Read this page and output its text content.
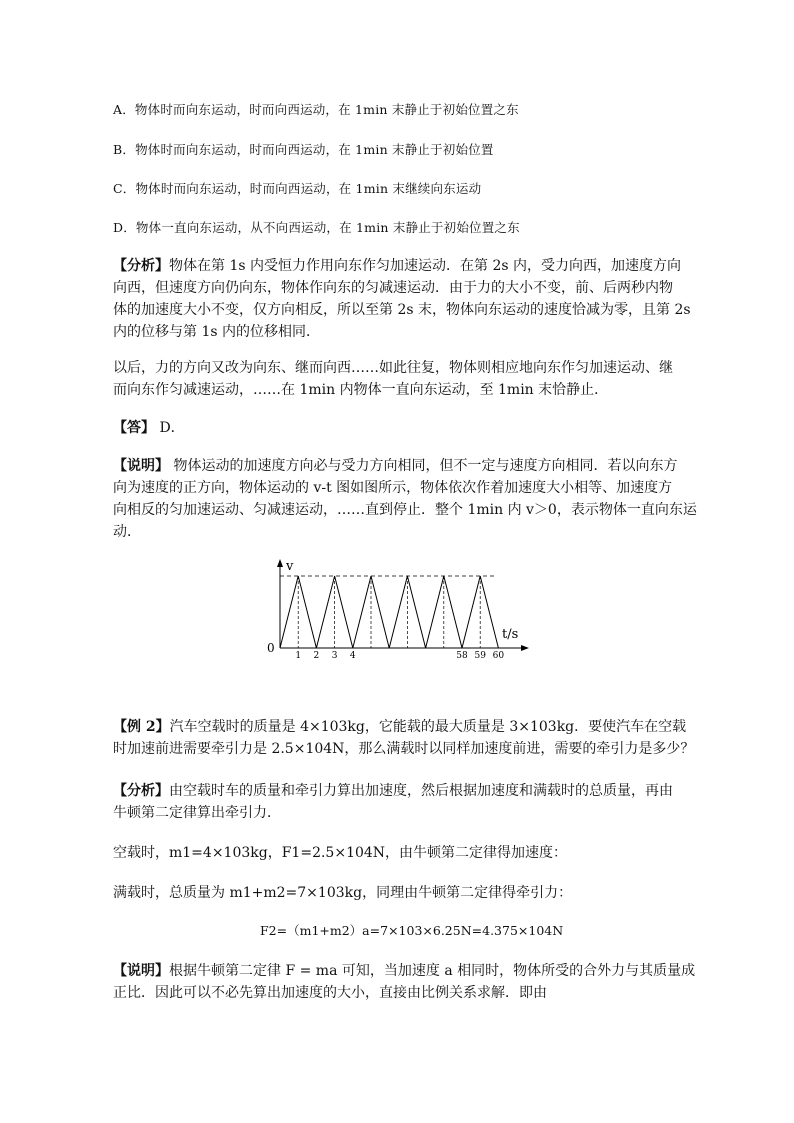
A．物体时而向东运动，时而向西运动，在 1min 末静止于初始位置之东
B．物体时而向东运动，时而向西运动，在 1min 末静止于初始位置
C．物体时而向东运动，时而向西运动，在 1min 末继续向东运动
D．物体一直向东运动，从不向西运动，在 1min 末静止于初始位置之东
【分析】物体在第 1s 内受恒力作用向东作匀加速运动．在第 2s 内，受力向西，加速度方向
向西，但速度方向仍向东，物体作向东的匀减速运动．由于力的大小不变，前、后两秒内物
体的加速度大小不变，仅方向相反，所以至第 2s 末，物体向东运动的速度恰减为零，且第 2s
内的位移与第 1s 内的位移相同．
以后，力的方向又改为向东、继而向西……如此往复，物体则相应地向东作匀加速运动、继
而向东作匀减速运动，……在 1min 内物体一直向东运动，至 1min 末恰静止．
【答】 D．
【说明】 物体运动的加速度方向必与受力方向相同，但不一定与速度方向相同．若以向东方
向为速度的正方向，物体运动的 v-t 图如图所示，物体依次作着加速度大小相等、加速度方
向相反的匀加速运动、匀减速运动，……直到停止．整个 1min 内 v＞0，表示物体一直向东运
动．
v
t/s
0
1 2 3 4	58 59 60
【例 2】汽车空载时的质量是 4×103kg，它能载的最大质量是 3×103kg．要使汽车在空载
时加速前进需要牵引力是 2.5×104N，那么满载时以同样加速度前进，需要的牵引力是多少？
【分析】由空载时车的质量和牵引力算出加速度，然后根据加速度和满载时的总质量，再由
牛顿第二定律算出牵引力．
空载时，m1=4×103kg，F1=2.5×104N，由牛顿第二定律得加速度：
满载时，总质量为 m1+m2=7×103kg，同理由牛顿第二定律得牵引力：
F2=（m1+m2）a=7×103×6.25N=4.375×104N
【说明】根据牛顿第二定律 F = ma 可知，当加速度 a 相同时，物体所受的合外力与其质量成
正比．因此可以不必先算出加速度的大小，直接由比例关系求解．即由
